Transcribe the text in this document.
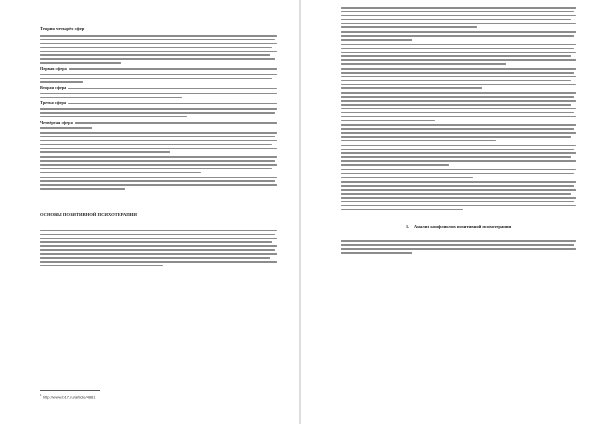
Теория четырёх сфер
Первая сфера
Вторая сфера
Третья сфера
Четвёртая сфера
ОСНОВЫ ПОЗИТИВНОЙ ПСИХОТЕРАПИИ
$^1$ http://www.b17.ru/article/4881
1. Анализ конфликтов позитивной психотерапии
